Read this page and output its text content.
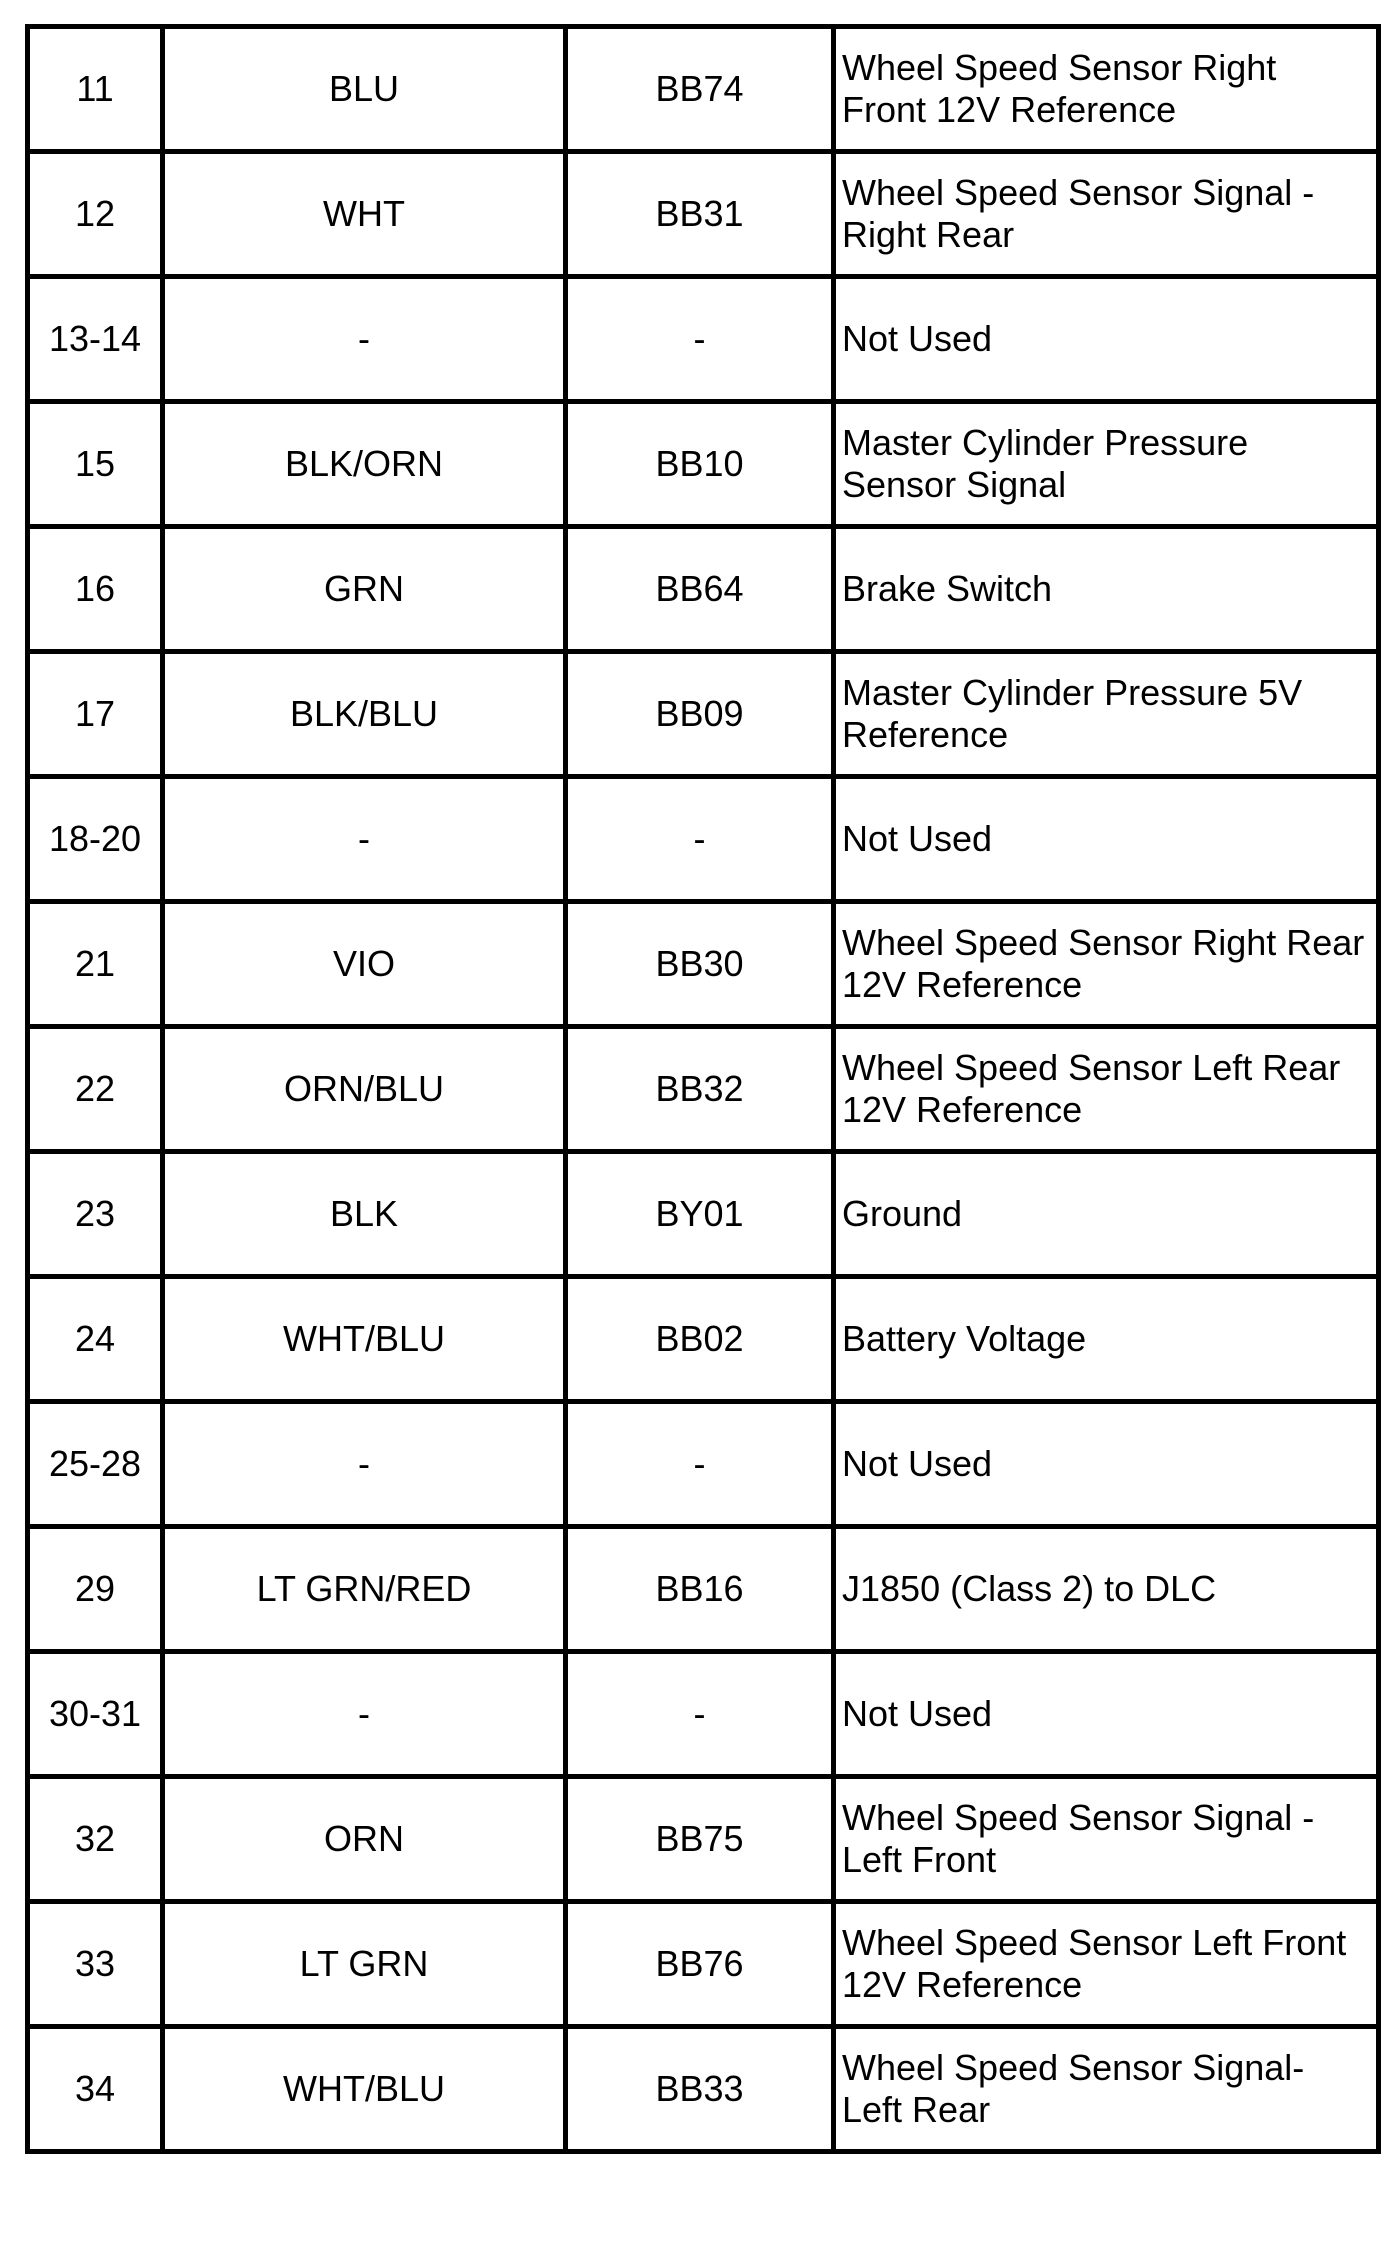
11	BLU	BB74	Wheel Speed Sensor Right Front 12V Reference
12	WHT	BB31	Wheel Speed Sensor Signal - Right Rear
13-14	-	-	Not Used
15	BLK/ORN	BB10	Master Cylinder Pressure Sensor Signal
16	GRN	BB64	Brake Switch
17	BLK/BLU	BB09	Master Cylinder Pressure 5V Reference
18-20	-	-	Not Used
21	VIO	BB30	Wheel Speed Sensor Right Rear 12V Reference
22	ORN/BLU	BB32	Wheel Speed Sensor Left Rear 12V Reference
23	BLK	BY01	Ground
24	WHT/BLU	BB02	Battery Voltage
25-28	-	-	Not Used
29	LT GRN/RED	BB16	J1850 (Class 2) to DLC
30-31	-	-	Not Used
32	ORN	BB75	Wheel Speed Sensor Signal - Left Front
33	LT GRN	BB76	Wheel Speed Sensor Left Front 12V Reference
34	WHT/BLU	BB33	Wheel Speed Sensor Signal- Left Rear
